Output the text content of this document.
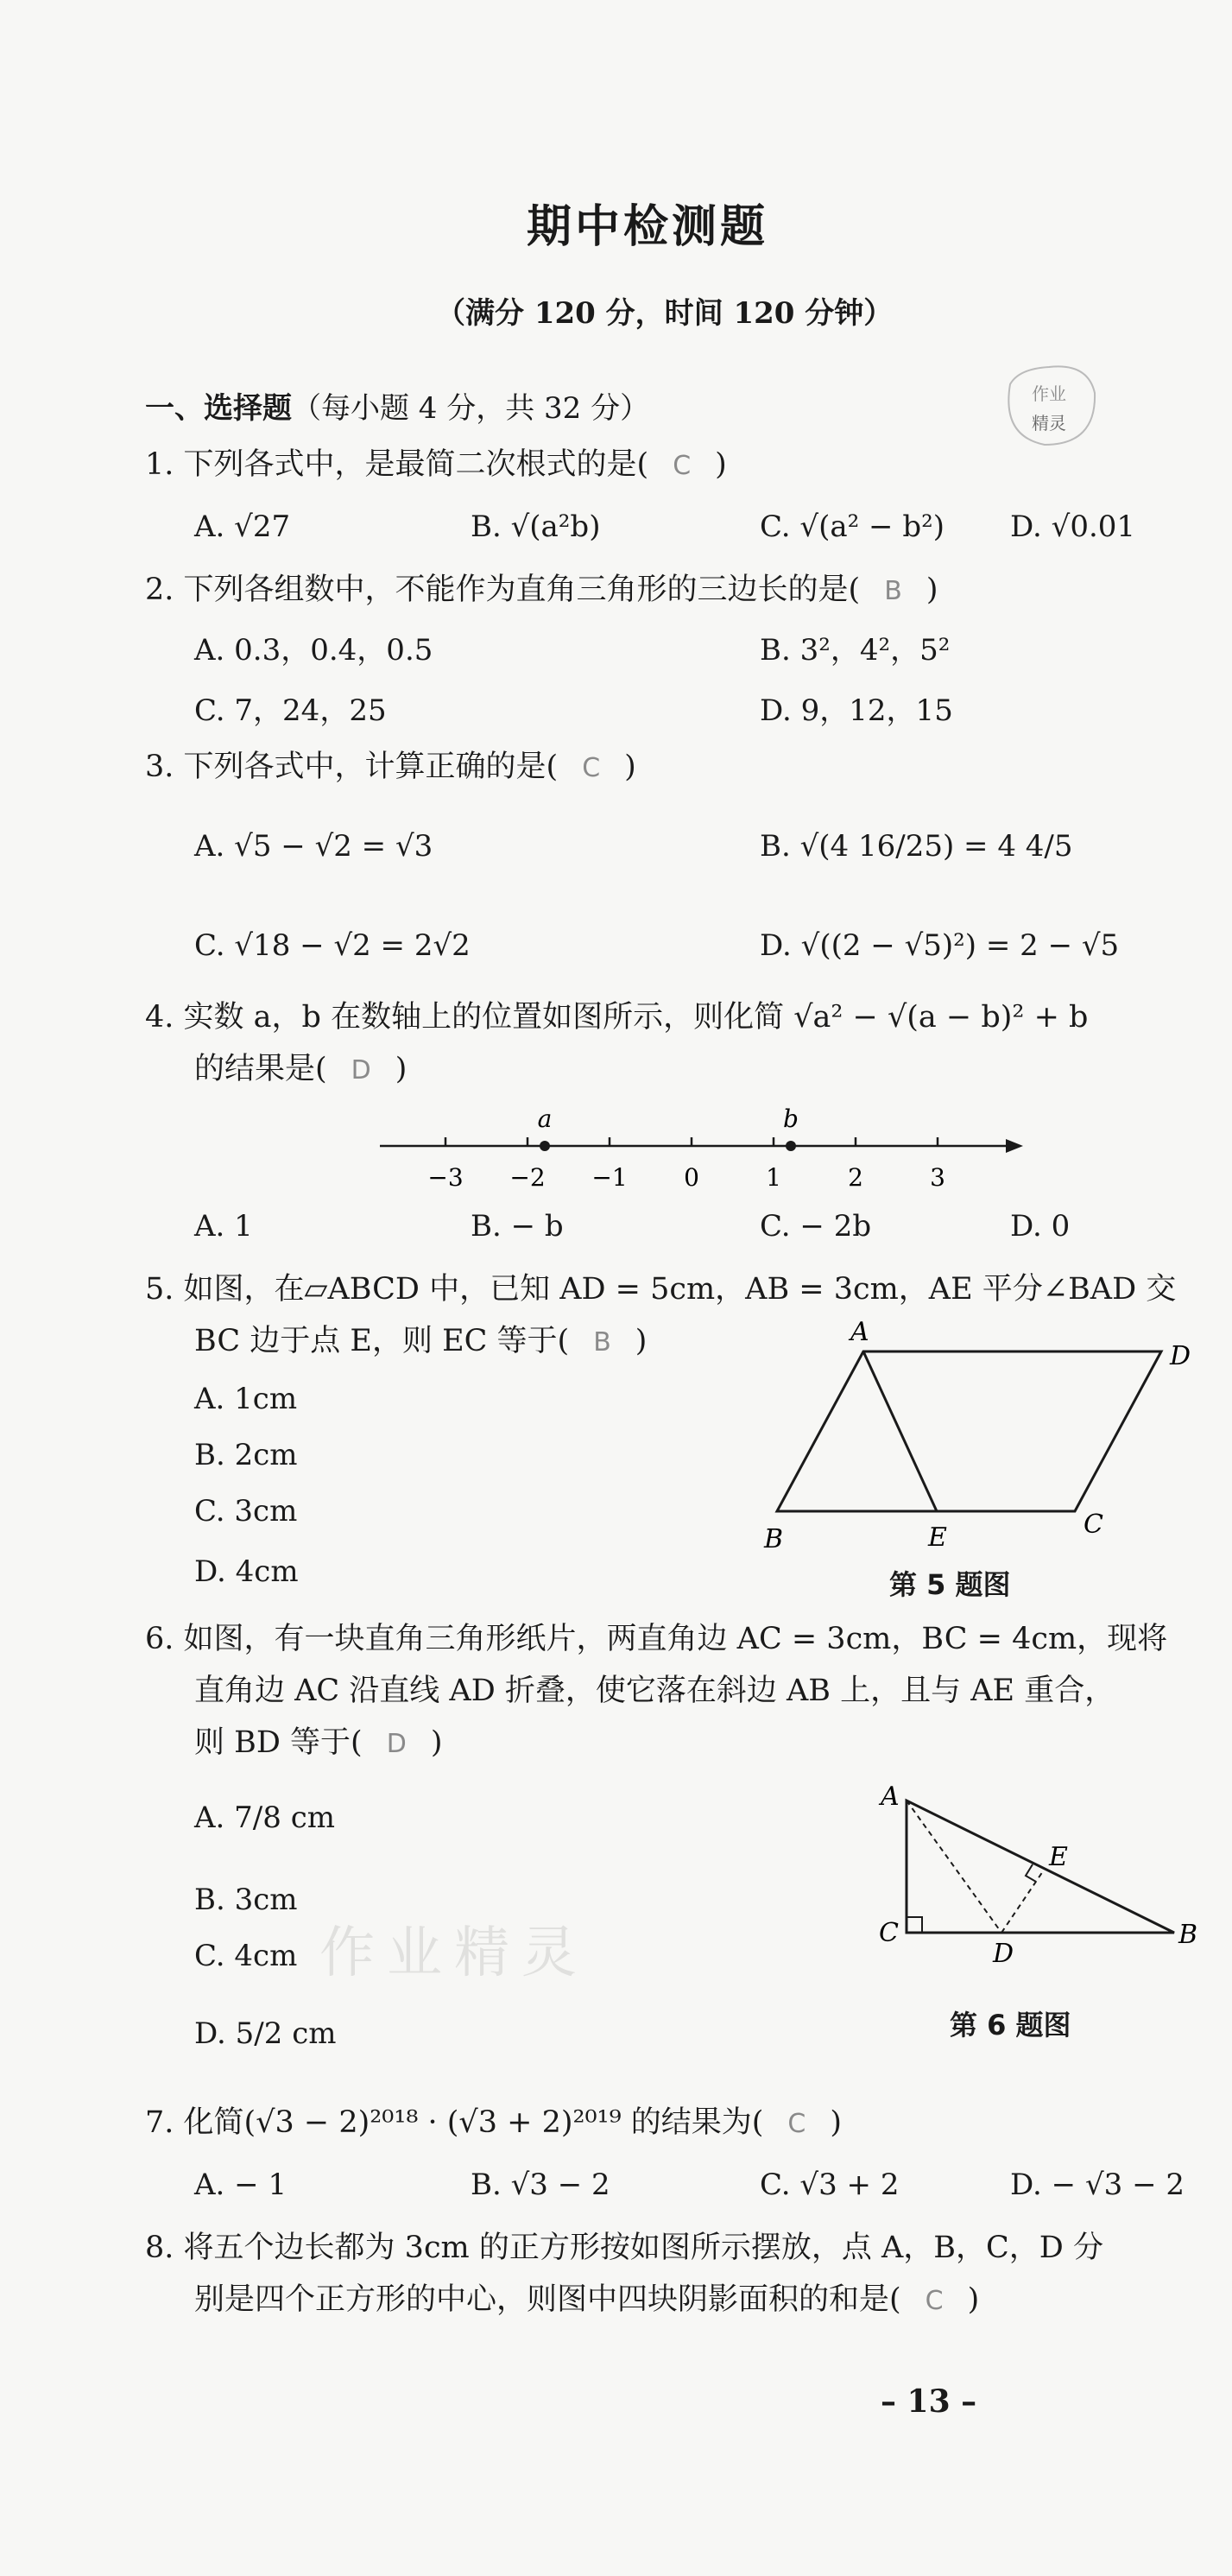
期中检测题
（满分 120 分，时间 120 分钟）
作业
精灵
一、选择题（每小题 4 分，共 32 分）
1. 下列各式中，是最简二次根式的是( C )
A. √27	B. √(a²b)	C. √(a² − b²) D. √0.01
2. 下列各组数中，不能作为直角三角形的三边长的是( B )
A. 0.3，0.4，0.5	B. 3²，4²，5²
C. 7，24，25	D. 9，12，15
3. 下列各式中，计算正确的是( C )
A. √5 − √2 = √3	B. √(4 16/25) = 4 4/5
C. √18 − √2 = 2√2	D. √((2 − √5)²) = 2 − √5
4. 实数 a，b 在数轴上的位置如图所示，则化简 √a² − √(a − b)² + b
的结果是( D )
−3 −2 −1 0	1	2	3
a	b
A. 1	B. − b	C. − 2b	D. 0
5. 如图，在▱ABCD 中，已知 AD = 5cm，AB = 3cm，AE 平分∠BAD 交
BC 边于点 E，则 EC 等于( B )
A. 1cm
B. 2cm
C. 3cm
D. 4cm
A
B	C
D
E
第 5 题图
6. 如图，有一块直角三角形纸片，两直角边 AC = 3cm，BC = 4cm，现将
直角边 AC 沿直线 AD 折叠，使它落在斜边 AB 上，且与 AE 重合，
则 BD 等于( D )
A. 7/8 cm
B. 3cm
C. 4cm
D. 5/2 cm
A
B
C
D
E
第 6 题图
作业精灵
7. 化简(√3 − 2)²⁰¹⁸ · (√3 + 2)²⁰¹⁹ 的结果为( C )
A. − 1	B. √3 − 2	C. √3 + 2	D. − √3 − 2
8. 将五个边长都为 3cm 的正方形按如图所示摆放，点 A，B，C，D 分
别是四个正方形的中心，则图中四块阴影面积的和是( C )
– 13 –
